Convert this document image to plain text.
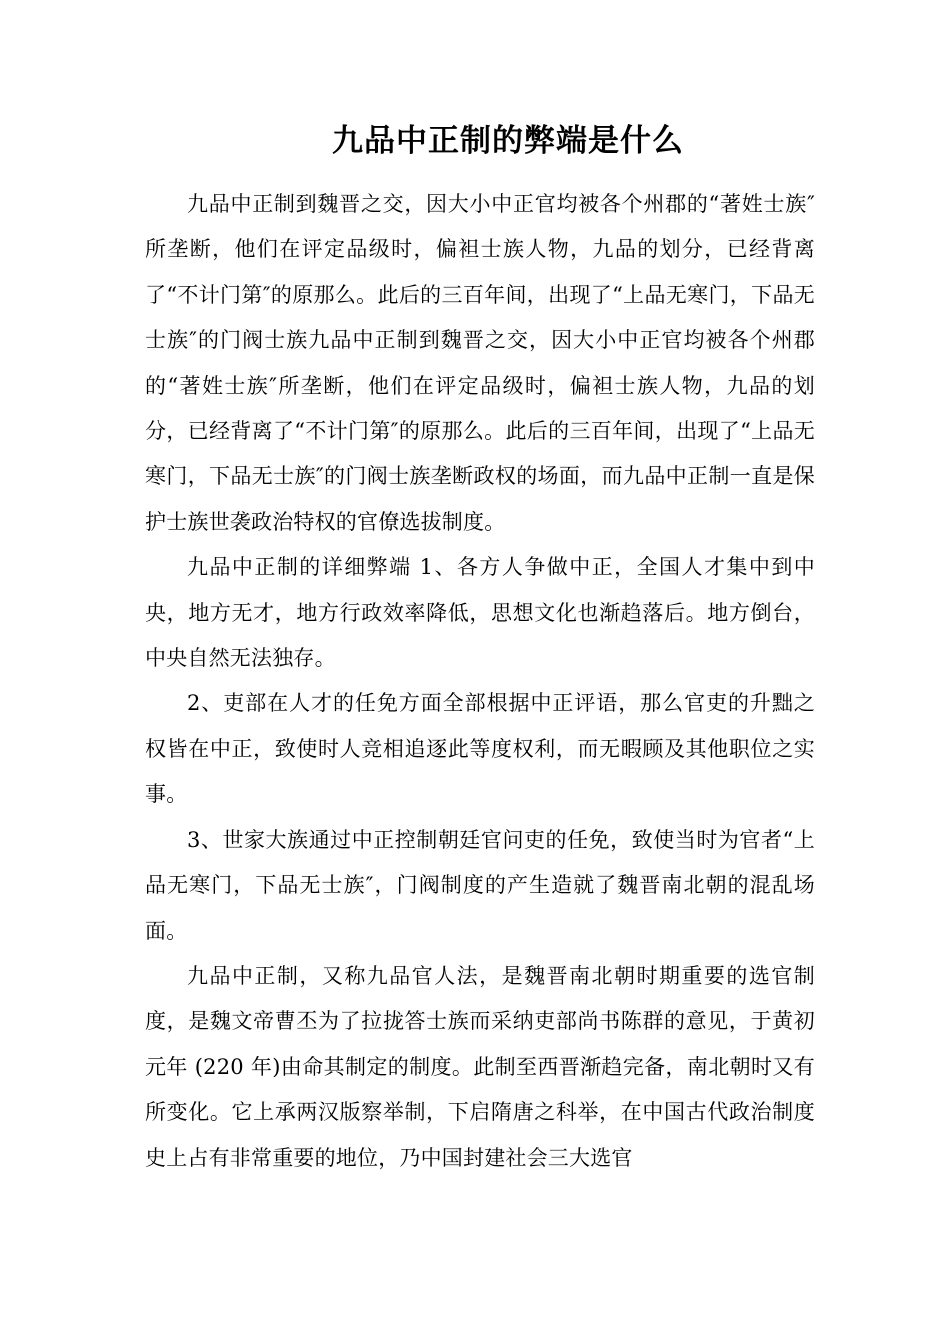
九品中正制的弊端是什么

九品中正制到魏晋之交，因大小中正官均被各个州郡的“著姓士族″所垄断，他们在评定品级时，偏袒士族人物，九品的划分，已经背离了“不计门第″的原那么。此后的三百年间，出现了“上品无寒门，下品无士族″的门阀士族九品中正制到魏晋之交，因大小中正官均被各个州郡的“著姓士族″所垄断，他们在评定品级时，偏袒士族人物，九品的划分，已经背离了“不计门第″的原那么。此后的三百年间，出现了“上品无寒门，下品无士族″的门阀士族垄断政权的场面，而九品中正制一直是保护士族世袭政治特权的官僚选拔制度。

九品中正制的详细弊端 1、各方人争做中正，全国人才集中到中央，地方无才，地方行政效率降低，思想文化也渐趋落后。地方倒台，中央自然无法独存。

2、吏部在人才的任免方面全部根据中正评语，那么官吏的升黜之权皆在中正，致使时人竞相追逐此等度权利，而无暇顾及其他职位之实事。

3、世家大族通过中正控制朝廷官问吏的任免，致使当时为官者“上品无寒门，下品无士族″，门阀制度的产生造就了魏晋南北朝的混乱场面。

九品中正制，又称九品官人法，是魏晋南北朝时期重要的选官制度，是魏文帝曹丕为了拉拢答士族而采纳吏部尚书陈群的意见，于黄初元年 (220 年)由命其制定的制度。此制至西晋渐趋完备，南北朝时又有所变化。它上承两汉版察举制，下启隋唐之科举，在中国古代政治制度史上占有非常重要的地位，乃中国封建社会三大选官
